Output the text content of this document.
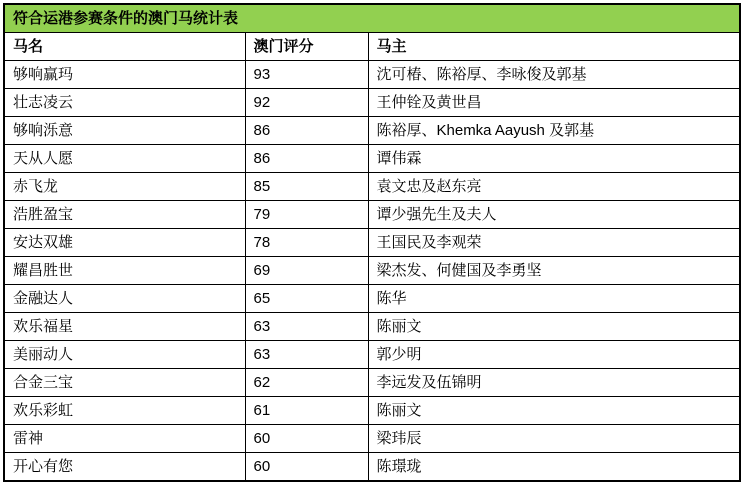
符合运港参赛条件的澳门马统计表		
马名	澳门评分	马主
够响赢玛	93	沈可椿、陈裕厚、李咏俊及郭基
壮志凌云	92	王仲铨及黄世昌
够响泺意	86	陈裕厚、Khemka Aayush 及郭基
天从人愿	86	谭伟霖
赤飞龙	85	袁文忠及赵东亮
浩胜盈宝	79	谭少强先生及夫人
安达双雄	78	王国民及李观荣
耀昌胜世	69	梁杰发、何健国及李勇坚
金融达人	65	陈华
欢乐福星	63	陈丽文
美丽动人	63	郭少明
合金三宝	62	李远发及伍锦明
欢乐彩虹	61	陈丽文
雷神	60	梁玮辰
开心有您	60	陈璟珑
